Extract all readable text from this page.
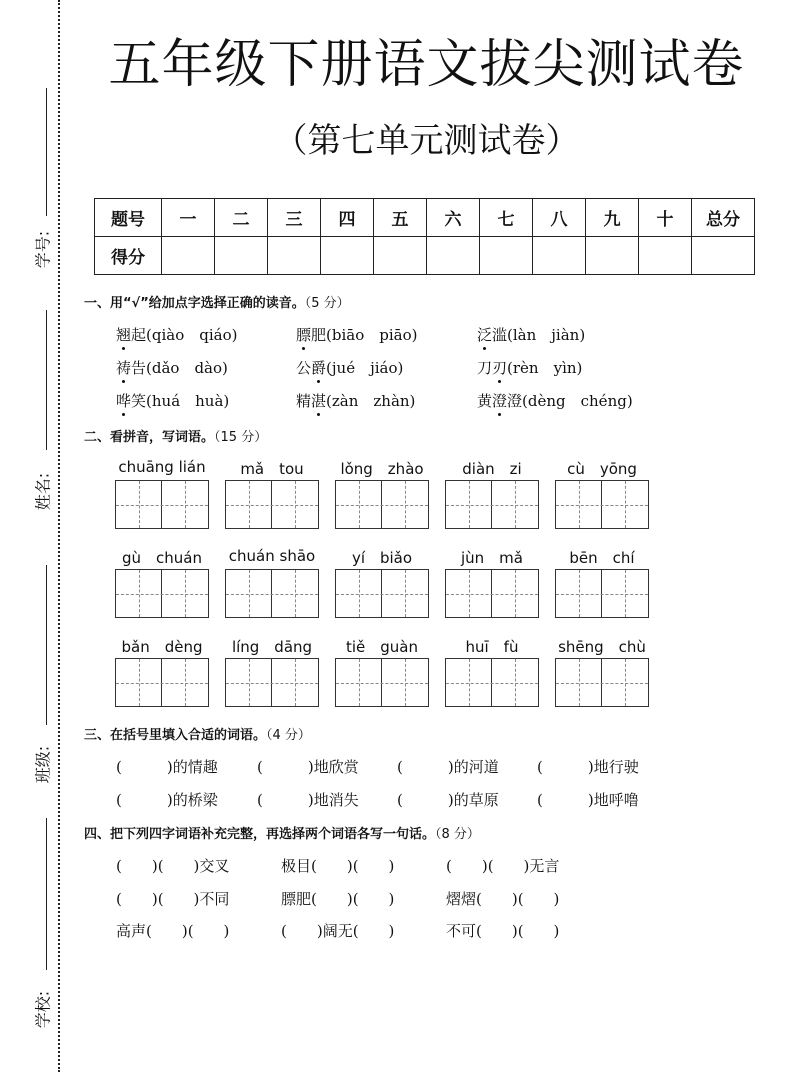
学号:
姓名:
班级:
学校:
五年级下册语文拔尖测试卷
（第七单元测试卷）
题号	一	二	三	四	五	六	七	八	九	十	总分
得分											
一、用“√”给加点字选择正确的读音。（5 分）
翘起(qiào　qiáo)	膘肥(biāo　piāo)	泛滥(làn　jiàn)
祷告(dǎo　dào)	公爵(jué　jiáo)	刀刃(rèn　yìn)
哗笑(huá　huà)	精湛(zàn　zhàn)	黄澄澄(dèng　chéng)
二、看拼音，写词语。（15 分）
chuāng lián	mǎ　tou	lǒng　zhào	diàn　zi	cù　yōng
gù　chuán	chuán shāo	yí　biǎo	jùn　mǎ	bēn　chí
bǎn　dèng	líng　dāng	tiě　guàn	huī　fù	shēng　chù
三、在括号里填入合适的词语。（4 分）
(　　　)的情趣	(　　　)地欣赏	(　　　)的河道	(　　　)地行驶
(　　　)的桥梁	(　　　)地消失	(　　　)的草原	(　　　)地呼噜
四、把下列四字词语补充完整，再选择两个词语各写一句话。（8 分）
(　　)(　　)交叉	极目(　　)(　　)	(　　)(　　)无言
(　　)(　　)不同	膘肥(　　)(　　)	熠熠(　　)(　　)
高声(　　)(　　)	(　　)阔无(　　)	不可(　　)(　　)
